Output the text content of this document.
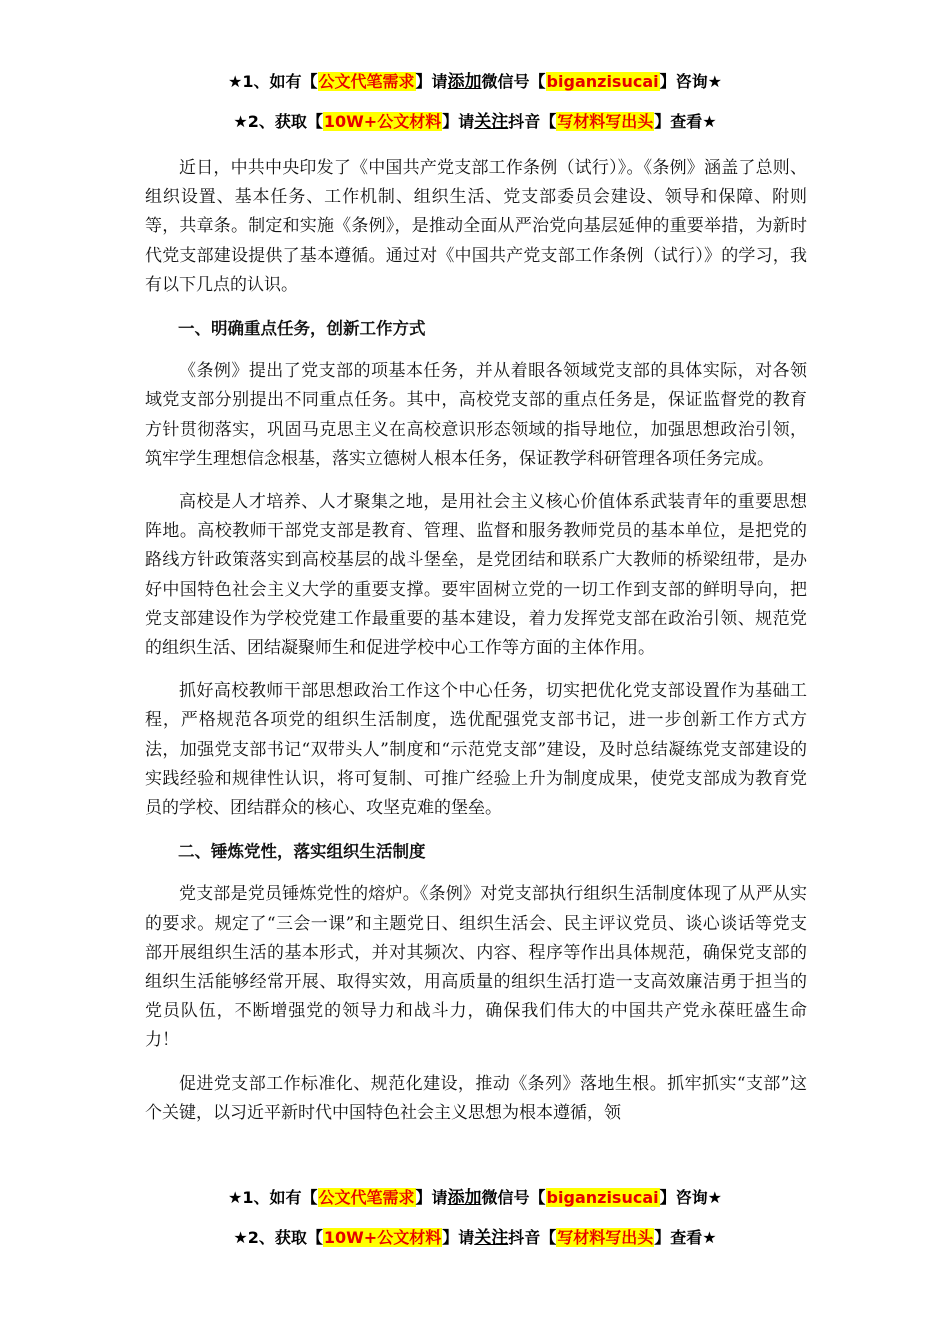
★1、如有【公文代笔需求】请添加微信号【biganzisucai】咨询★
★2、获取【10W+公文材料】请关注抖音【写材料写出头】查看★

近日，中共中央印发了《中国共产党支部工作条例（试行）》。《条例》涵盖了总则、组织设置、基本任务、工作机制、组织生活、党支部委员会建设、领导和保障、附则等，共章条。制定和实施《条例》，是推动全面从严治党向基层延伸的重要举措，为新时代党支部建设提供了基本遵循。通过对《中国共产党支部工作条例（试行）》的学习，我有以下几点的认识。

一、明确重点任务，创新工作方式

《条例》提出了党支部的项基本任务，并从着眼各领域党支部的具体实际，对各领域党支部分别提出不同重点任务。其中，高校党支部的重点任务是，保证监督党的教育方针贯彻落实，巩固马克思主义在高校意识形态领域的指导地位，加强思想政治引领，筑牢学生理想信念根基，落实立德树人根本任务，保证教学科研管理各项任务完成。

高校是人才培养、人才聚集之地，是用社会主义核心价值体系武装青年的重要思想阵地。高校教师干部党支部是教育、管理、监督和服务教师党员的基本单位，是把党的路线方针政策落实到高校基层的战斗堡垒，是党团结和联系广大教师的桥梁纽带，是办好中国特色社会主义大学的重要支撑。要牢固树立党的一切工作到支部的鲜明导向，把党支部建设作为学校党建工作最重要的基本建设，着力发挥党支部在政治引领、规范党的组织生活、团结凝聚师生和促进学校中心工作等方面的主体作用。

抓好高校教师干部思想政治工作这个中心任务，切实把优化党支部设置作为基础工程，严格规范各项党的组织生活制度，选优配强党支部书记，进一步创新工作方式方法，加强党支部书记“双带头人”制度和“示范党支部”建设，及时总结凝练党支部建设的实践经验和规律性认识，将可复制、可推广经验上升为制度成果，使党支部成为教育党员的学校、团结群众的核心、攻坚克难的堡垒。

二、锤炼党性，落实组织生活制度

党支部是党员锤炼党性的熔炉。《条例》对党支部执行组织生活制度体现了从严从实的要求。规定了“三会一课”和主题党日、组织生活会、民主评议党员、谈心谈话等党支部开展组织生活的基本形式，并对其频次、内容、程序等作出具体规范，确保党支部的组织生活能够经常开展、取得实效，用高质量的组织生活打造一支高效廉洁勇于担当的党员队伍，不断增强党的领导力和战斗力，确保我们伟大的中国共产党永葆旺盛生命力！

促进党支部工作标准化、规范化建设，推动《条列》落地生根。抓牢抓实“支部”这个关键，以习近平新时代中国特色社会主义思想为根本遵循，领

★1、如有【公文代笔需求】请添加微信号【biganzisucai】咨询★
★2、获取【10W+公文材料】请关注抖音【写材料写出头】查看★
